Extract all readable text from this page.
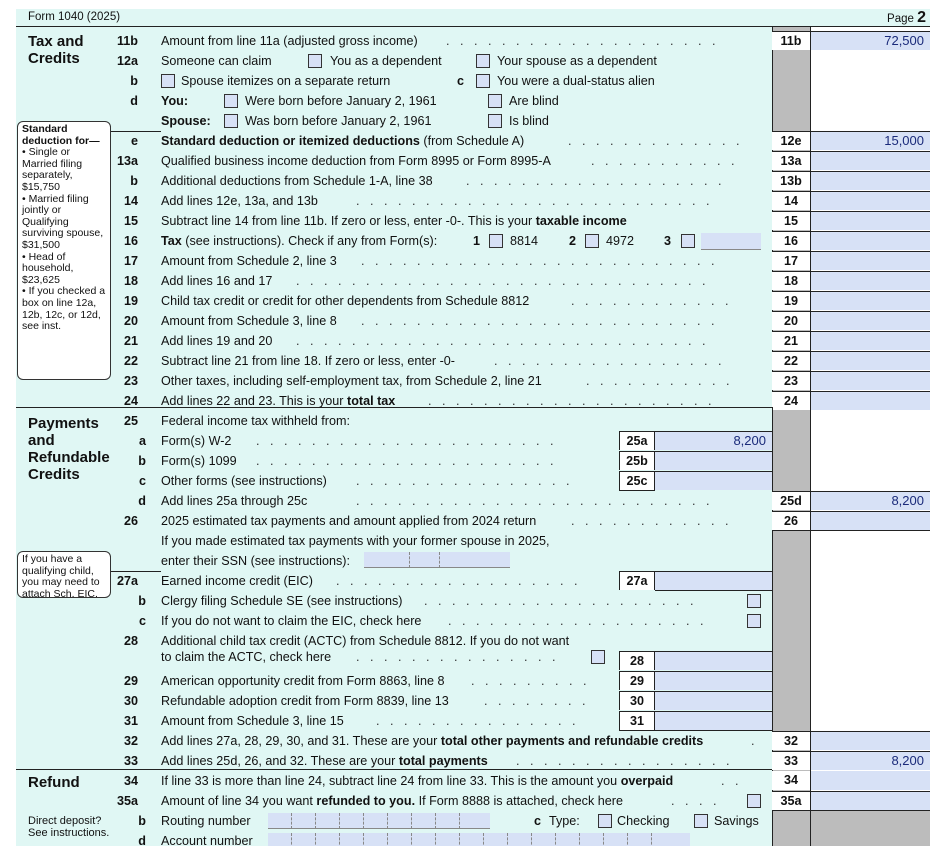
Form 1040 (2025)	Page 2
Tax and Credits
Payments and Refundable Credits
Refund
Standard deduction for—
• Single or Married filing separately, $15,750
• Married filing jointly or Qualifying surviving spouse, $31,500
• Head of household, $23,625
• If you checked a box on line 12a, 12b, 12c, or 12d, see inst.
If you have a qualifying child, you may need to attach Sch. EIC.
Direct deposit? See instructions.
11b Amount from line 11a (adjusted gross income) . . . . . . . . . . . . . . . . . . . .	11b	72,500
12a Someone can claim	You as a dependent	Your spouse as a dependent
b	Spouse itemizes on a separate return	c	You were a dual-status alien
d You:	Were born before January 2, 1961	Are blind
Spouse:	Was born before January 2, 1961	Is blind
e Standard deduction or itemized deductions (from Schedule A)	. . . . . . . . . . . . .	12e	15,000
13a Qualified business income deduction from Form 8995 or Form 8995-A	. . . . . . . . . . .	13a
b Additional deductions from Schedule 1-A, line 38	. . . . . . . . . . . . . . . . . . .	13b
14 Add lines 12e, 13a, and 13b	. . . . . . . . . . . . . . . . . . . . . . . . . .	14
15 Subtract line 14 from line 11b. If zero or less, enter -0-. This is your taxable income	15
16 Tax (see instructions). Check if any from Form(s):	1 8814 2 4972 3	16
17 Amount from Schedule 2, line 3 . . . . . . . . . . . . . . . . . . . . . . . . . .	17
18 Add lines 16 and 17 . . . . . . . . . . . . . . . . . . . . . . . . . . . . . .	18
19 Child tax credit or credit for other dependents from Schedule 8812	. . . . . . . . . . . .	19
20 Amount from Schedule 3, line 8 . . . . . . . . . . . . . . . . . . . . . . . . . .	20
21 Add lines 19 and 20 . . . . . . . . . . . . . . . . . . . . . . . . . . . . . .	21
22 Subtract line 21 from line 18. If zero or less, enter -0-	. . . . . . . . . . . . . . . . .	22
23 Other taxes, including self-employment tax, from Schedule 2, line 21	. . . . . . . . . . .	23
24 Add lines 22 and 23. This is your total tax	. . . . . . . . . . . . . . . . . . . . .	24
25 Federal income tax withheld from:
a Form(s) W-2 . . . . . . . . . . . . . . . . . . . . . .	25a	8,200
b Form(s) 1099 . . . . . . . . . . . . . . . . . . . . . .	25b
c Other forms (see instructions) . . . . . . . . . . . . . . . .	25c
d Add lines 25a through 25c	. . . . . . . . . . . . . . . . . . . . . . . . . .	25d	8,200
26 2025 estimated tax payments and amount applied from 2024 return	. . . . . . . . . . . .	26
If you made estimated tax payments with your former spouse in 2025,
enter their SSN (see instructions):
27a Earned income credit (EIC) . . . . . . . . . . . . . . . . . .	27a
b Clergy filing Schedule SE (see instructions) . . . . . . . . . . . . . . . . . . . .
c If you do not want to claim the EIC, check here . . . . . . . . . . . . . . . . . . .
28 Additional child tax credit (ACTC) from Schedule 8812. If you do not want
to claim the ACTC, check here . . . . . . . . . . . . . . .	28
29 American opportunity credit from Form 8863, line 8 . . . . . . . . .	29
30 Refundable adoption credit from Form 8839, line 13	. . . . . . . .	30
31 Amount from Schedule 3, line 15	. . . . . . . . . . . . . . .	31
32 Add lines 27a, 28, 29, 30, and 31. These are your total other payments and refundable credits	.	32
33 Add lines 25d, 26, and 32. These are your total payments . . . . . . . . . . . . . . . .	33	8,200
34 If line 33 is more than line 24, subtract line 24 from line 33. This is the amount you overpaid	. .	34
35a Amount of line 34 you want refunded to you. If Form 8888 is attached, check here	. . . .	35a
b Routing number	c Type:	Checking	Savings
d Account number
